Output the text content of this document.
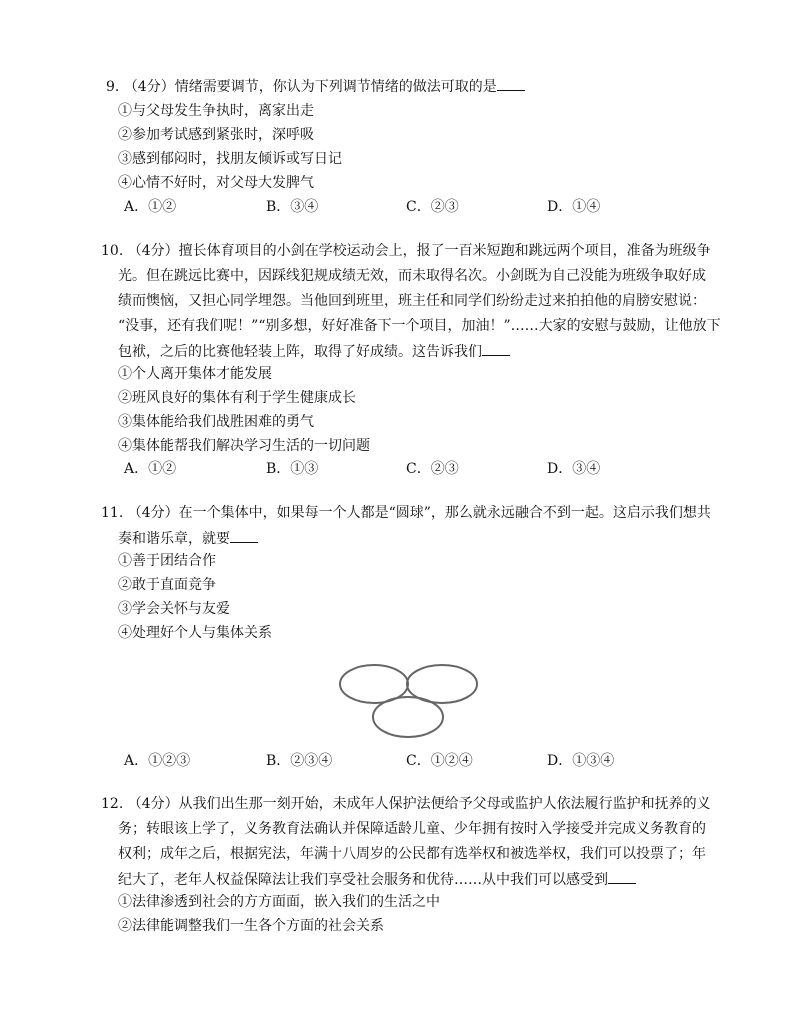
9. （4分）情绪需要调节，你认为下列调节情绪的做法可取的是
①与父母发生争执时，离家出走
②参加考试感到紧张时，深呼吸
③感到郁闷时，找朋友倾诉或写日记
④心情不好时，对父母大发脾气
A．①②	B．③④	C．②③	D．①④
10. （4分）擅长体育项目的小剑在学校运动会上，报了一百米短跑和跳远两个项目，准备为班级争
光。但在跳远比赛中，因踩线犯规成绩无效，而未取得名次。小剑既为自己没能为班级争取好成
绩而懊恼，又担心同学埋怨。当他回到班里，班主任和同学们纷纷走过来拍拍他的肩膀安慰说：
“没事，还有我们呢！”“别多想，好好准备下一个项目，加油！”……大家的安慰与鼓励，让他放下
包袱，之后的比赛他轻装上阵，取得了好成绩。这告诉我们
①个人离开集体才能发展
②班风良好的集体有利于学生健康成长
③集体能给我们战胜困难的勇气
④集体能帮我们解决学习生活的一切问题
A．①②	B．①③	C．②③	D．③④
11. （4分）在一个集体中，如果每一个人都是“圆球”，那么就永远融合不到一起。这启示我们想共
奏和谐乐章，就要
①善于团结合作
②敢于直面竞争
③学会关怀与友爱
④处理好个人与集体关系
A．①②③	B．②③④	C．①②④	D．①③④
12. （4分）从我们出生那一刻开始，未成年人保护法便给予父母或监护人依法履行监护和抚养的义
务；转眼该上学了，义务教育法确认并保障适龄儿童、少年拥有按时入学接受并完成义务教育的
权利；成年之后，根据宪法，年满十八周岁的公民都有选举权和被选举权，我们可以投票了；年
纪大了，老年人权益保障法让我们享受社会服务和优待……从中我们可以感受到
①法律渗透到社会的方方面面，嵌入我们的生活之中
②法律能调整我们一生各个方面的社会关系
